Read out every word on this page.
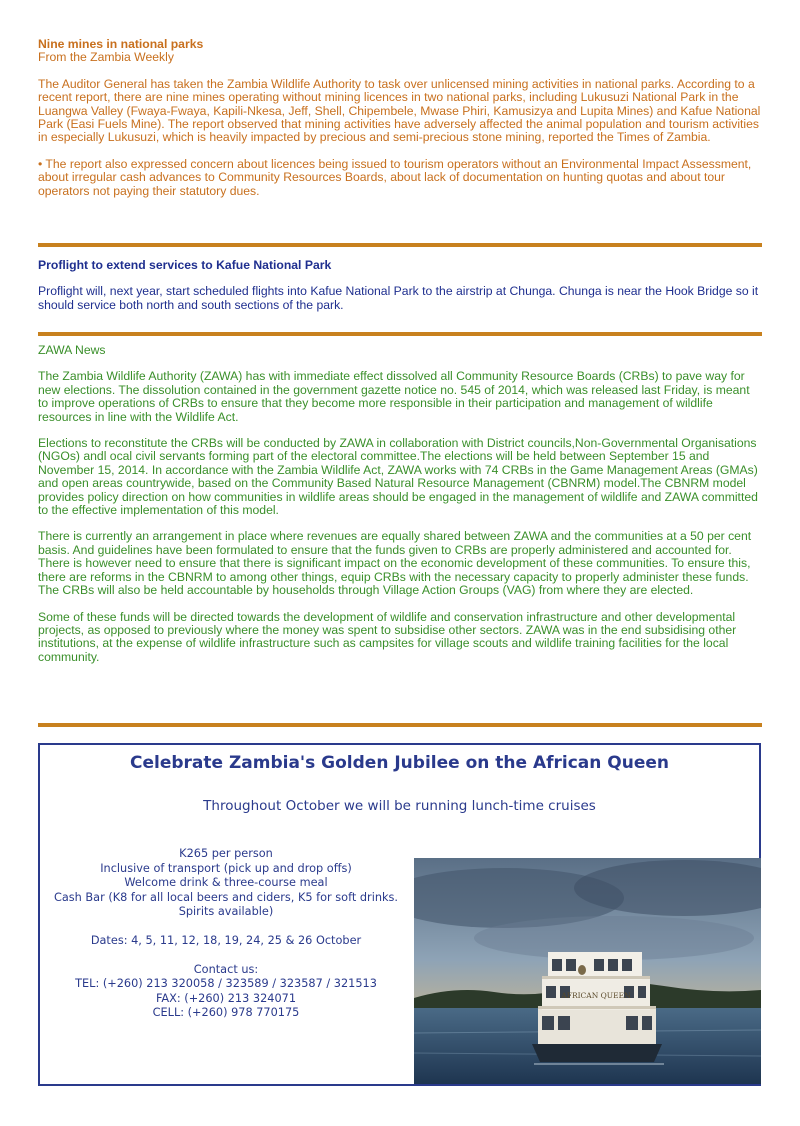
Nine mines in national parks

From the Zambia Weekly

The Auditor General has taken the Zambia Wildlife Authority to task over unlicensed mining activities in national parks. According to a recent report, there are nine mines operating without mining licences in two national parks, including Lukusuzi National Park in the Luangwa Valley (Fwaya-Fwaya, Kapili-Nkesa, Jeff, Shell, Chipembele, Mwase Phiri, Kamusizya and Lupita Mines) and Kafue National Park (Easi Fuels Mine). The report observed that mining activities have adversely affected the animal population and tourism activities in especially Lukusuzi, which is heavily impacted by precious and semi-precious stone mining, reported the Times of Zambia.

• The report also expressed concern about licences being issued to tourism operators without an Environmental Impact Assessment, about irregular cash advances to Community Resources Boards, about lack of documentation on hunting quotas and about tour operators not paying their statutory dues.

Proflight to extend services to Kafue National Park

Proflight will, next year, start scheduled flights into Kafue National Park to the airstrip at Chunga. Chunga is near the Hook Bridge so it should service both north and south sections of the park.

ZAWA News

The Zambia Wildlife Authority (ZAWA) has with immediate effect dissolved all Community Resource Boards (CRBs) to pave way for new elections. The dissolution contained in the government gazette notice no. 545 of 2014, which was released last Friday, is meant to improve operations of CRBs to ensure that they become more responsible in their participation and management of wildlife resources in line with the Wildlife Act.

Elections to reconstitute the CRBs will be conducted by ZAWA in collaboration with District councils,Non-Governmental Organisations (NGOs) andl ocal civil servants forming part of the electoral committee.The elections will be held between September 15 and November 15, 2014. In accordance with the Zambia Wildlife Act, ZAWA works with 74 CRBs in the Game Management Areas (GMAs) and open areas countrywide, based on the Community Based Natural Resource Management (CBNRM) model.The CBNRM model provides policy direction on how communities in wildlife areas should be engaged in the management of wildlife and ZAWA committed to the effective implementation of this model.

There is currently an arrangement in place where revenues are equally shared between ZAWA and the communities at a 50 per cent basis. And guidelines have been formulated to ensure that the funds given to CRBs are properly administered and accounted for. There is however need to ensure that there is significant impact on the economic development of these communities. To ensure this, there are reforms in the CBNRM to among other things, equip CRBs with the necessary capacity to properly administer these funds. The CRBs will also be held accountable by households through Village Action Groups (VAG) from where they are elected.

Some of these funds will be directed towards the development of wildlife and conservation infrastructure and other developmental projects, as opposed to previously where the money was spent to subsidise other sectors. ZAWA was in the end subsidising other institutions, at the expense of wildlife infrastructure such as campsites for village scouts and wildlife training facilities for the local community.

Celebrate Zambia's Golden Jubilee on the African Queen
Throughout October we will be running lunch-time cruises

K265 per person

Inclusive of transport (pick up and drop offs)

Welcome drink & three-course meal

Cash Bar (K8 for all local beers and ciders, K5 for soft drinks. Spirits available)

Dates: 4, 5, 11, 12, 18, 19, 24, 25 & 26 October

Contact us:

TEL: (+260) 213 320058 / 323589 / 323587 / 321513

FAX: (+260) 213 324071

CELL: (+260) 978 770175

AFRICAN QUEEN
